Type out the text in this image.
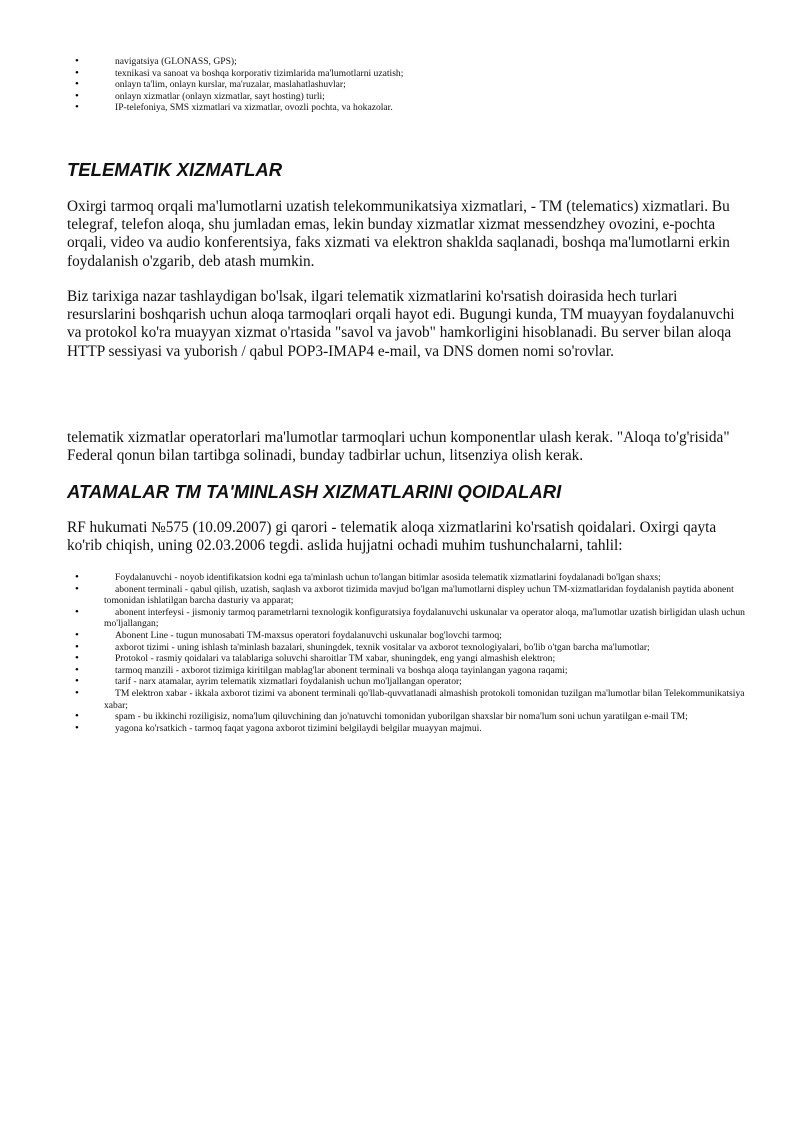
• navigatsiya (GLONASS, GPS);
• texnikasi va sanoat va boshqa korporativ tizimlarida ma'lumotlarni uzatish;
• onlayn ta'lim, onlayn kurslar, ma'ruzalar, maslahatlashuvlar;
• onlayn xizmatlar (onlayn xizmatlar, sayt hosting) turli;
• IP-telefoniya, SMS xizmatlari va xizmatlar, ovozli pochta, va hokazolar.
TELEMATIK XIZMATLAR

Oxirgi tarmoq orqali ma'lumotlarni uzatish telekommunikatsiya xizmatlari, - TM (telematics) xizmatlari. Bu telegraf, telefon aloqa, shu jumladan emas, lekin bunday xizmatlar xizmat messendzhey ovozini, e-pochta orqali, video va audio konferentsiya, faks xizmati va elektron shaklda saqlanadi, boshqa ma'lumotlarni erkin foydalanish o'zgarib, deb atash mumkin.

Biz tarixiga nazar tashlaydigan bo'lsak, ilgari telematik xizmatlarini ko'rsatish doirasida hech turlari resurslarini boshqarish uchun aloqa tarmoqlari orqali hayot edi. Bugungi kunda, TM muayyan foydalanuvchi va protokol ko'ra muayyan xizmat o'rtasida "savol va javob" hamkorligini hisoblanadi. Bu server bilan aloqa HTTP sessiyasi va yuborish / qabul POP3-IMAP4 e-mail, va DNS domen nomi so'rovlar.

telematik xizmatlar operatorlari ma'lumotlar tarmoqlari uchun komponentlar ulash kerak. "Aloqa to'g'risida" Federal qonun bilan tartibga solinadi, bunday tadbirlar uchun, litsenziya olish kerak.

ATAMALAR TM TA'MINLASH XIZMATLARINI QOIDALARI

RF hukumati №575 (10.09.2007) gi qarori - telematik aloqa xizmatlarini ko'rsatish qoidalari. Oxirgi qayta ko'rib chiqish, uning 02.03.2006 tegdi. aslida hujjatni ochadi muhim tushunchalarni, tahlil:

• Foydalanuvchi - noyob identifikatsion kodni ega ta'minlash uchun to'langan bitimlar asosida telematik xizmatlarini foydalanadi bo'lgan shaxs;
• abonent terminali - qabul qilish, uzatish, saqlash va axborot tizimida mavjud bo'lgan ma'lumotlarni displey uchun TM-xizmatlaridan foydalanish paytida abonent tomonidan ishlatilgan barcha dasturiy va apparat;
• abonent interfeysi - jismoniy tarmoq parametrlarni texnologik konfiguratsiya foydalanuvchi uskunalar va operator aloqa, ma'lumotlar uzatish birligidan ulash uchun mo'ljallangan;
• Abonent Line - tugun munosabati TM-maxsus operatori foydalanuvchi uskunalar bog'lovchi tarmoq;
• axborot tizimi - uning ishlash ta'minlash bazalari, shuningdek, texnik vositalar va axborot texnologiyalari, bo'lib o'tgan barcha ma'lumotlar;
• Protokol - rasmiy qoidalari va talablariga soluvchi sharoitlar TM xabar, shuningdek, eng yangi almashish elektron;
• tarmoq manzili - axborot tizimiga kiritilgan mablag'lar abonent terminali va boshqa aloqa tayinlangan yagona raqami;
• tarif - narx atamalar, ayrim telematik xizmatlari foydalanish uchun mo'ljallangan operator;
• TM elektron xabar - ikkala axborot tizimi va abonent terminali qo'llab-quvvatlanadi almashish protokoli tomonidan tuzilgan ma'lumotlar bilan Telekommunikatsiya xabar;
• spam - bu ikkinchi roziligisiz, noma'lum qiluvchining dan jo'natuvchi tomonidan yuborilgan shaxslar bir noma'lum soni uchun yaratilgan e-mail TM;
• yagona ko'rsatkich - tarmoq faqat yagona axborot tizimini belgilaydi belgilar muayyan majmui.
